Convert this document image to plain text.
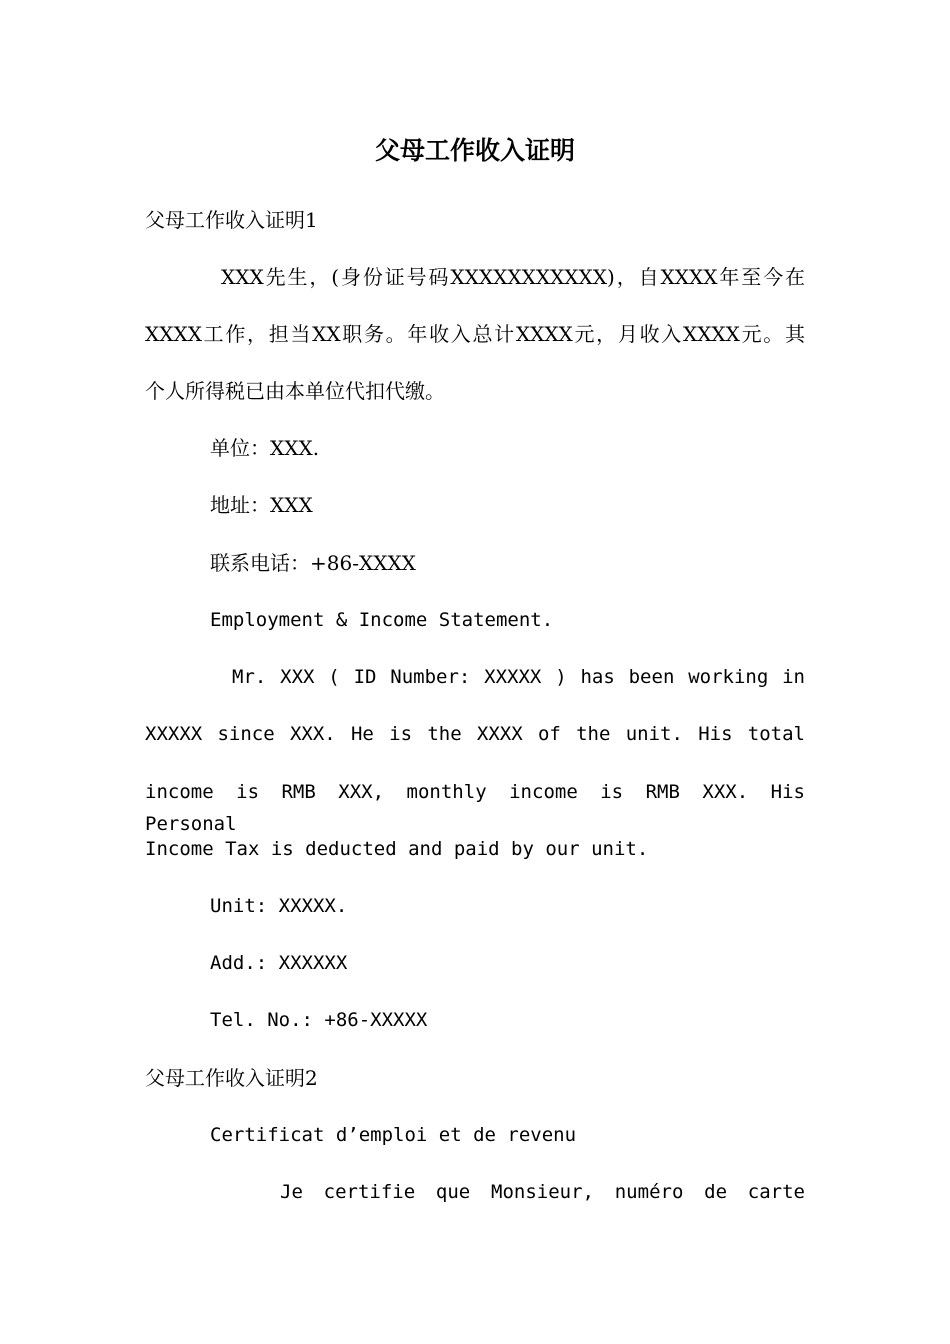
父母工作收入证明

父母工作收入证明1

XXX先生，(身份证号码XXXXXXXXXXX)，自XXXX年至今在

XXXX工作，担当XX职务。年收入总计XXXX元，月收入XXXX元。其

个人所得税已由本单位代扣代缴。

单位：XXX.

地址：XXX

联系电话：+86-XXXX

Employment & Income Statement.

Mr. XXX ( ID Number: XXXXX ) has been working in

XXXXX since XXX. He is the XXXX of the unit. His total

income is RMB XXX, monthly income is RMB XXX. His Personal

Income Tax is deducted and paid by our unit.

Unit: XXXXX.

Add.: XXXXXX

Tel. No.: +86-XXXXX

父母工作收入证明2

Certificat d’emploi et de revenu

Je certifie que Monsieur, numéro de carte
